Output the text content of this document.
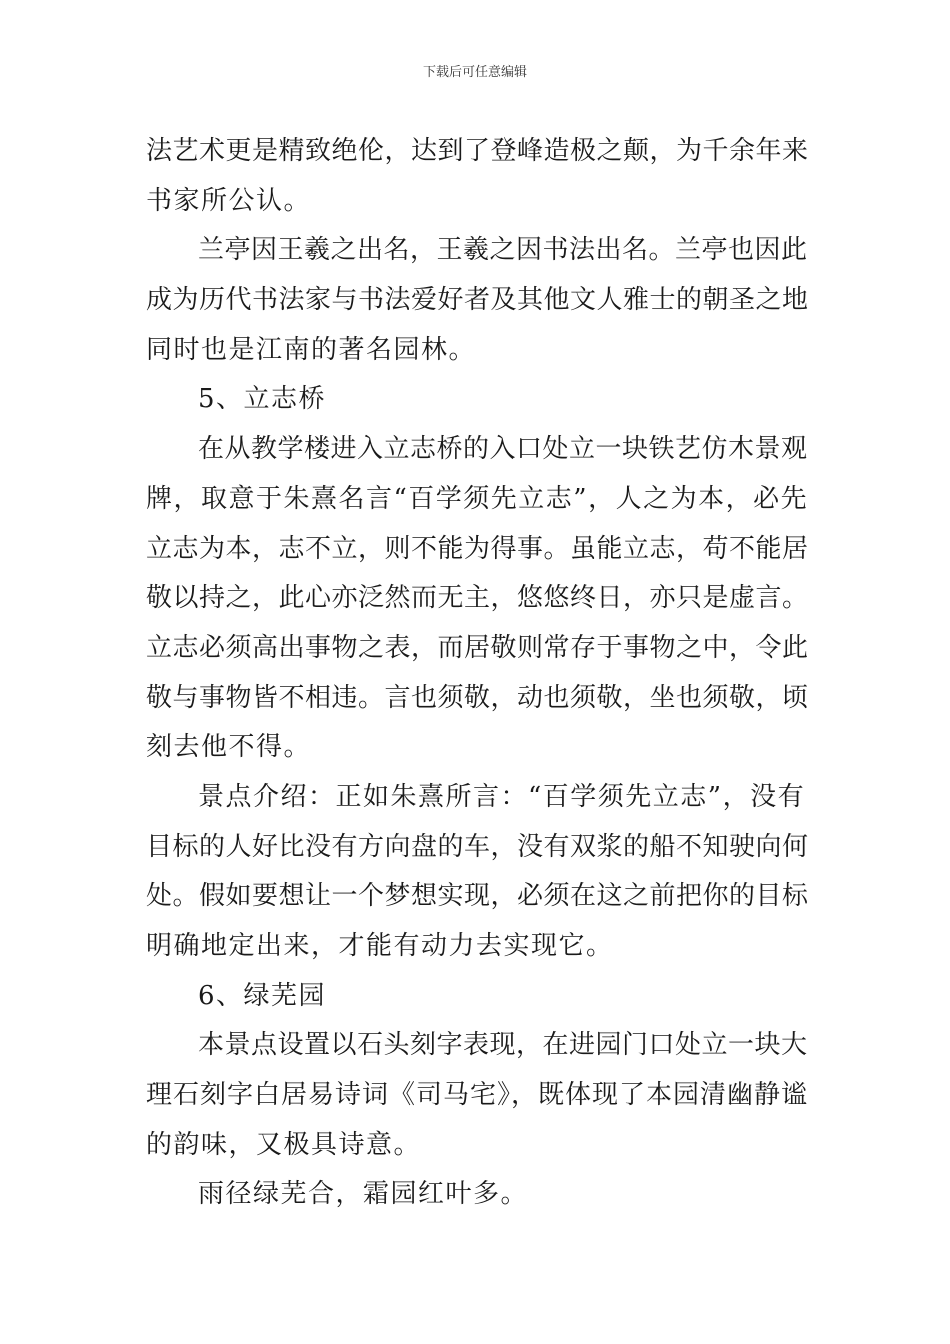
下载后可任意编辑
法艺术更是精致绝伦，达到了登峰造极之颠，为千余年来
书家所公认。
兰亭因王羲之出名，王羲之因书法出名。兰亭也因此
成为历代书法家与书法爱好者及其他文人雅士的朝圣之地
同时也是江南的著名园林。
5、立志桥
在从教学楼进入立志桥的入口处立一块铁艺仿木景观
牌，取意于朱熹名言“百学须先立志”，人之为本，必先
立志为本，志不立，则不能为得事。虽能立志，苟不能居
敬以持之，此心亦泛然而无主，悠悠终日，亦只是虚言。
立志必须高出事物之表，而居敬则常存于事物之中，令此
敬与事物皆不相违。言也须敬，动也须敬，坐也须敬，顷
刻去他不得。
景点介绍：正如朱熹所言：“百学须先立志”，没有
目标的人好比没有方向盘的车，没有双浆的船不知驶向何
处。假如要想让一个梦想实现，必须在这之前把你的目标
明确地定出来，才能有动力去实现它。
6、绿芜园
本景点设置以石头刻字表现，在进园门口处立一块大
理石刻字白居易诗词《司马宅》，既体现了本园清幽静谧
的韵味，又极具诗意。
雨径绿芜合，霜园红叶多。
